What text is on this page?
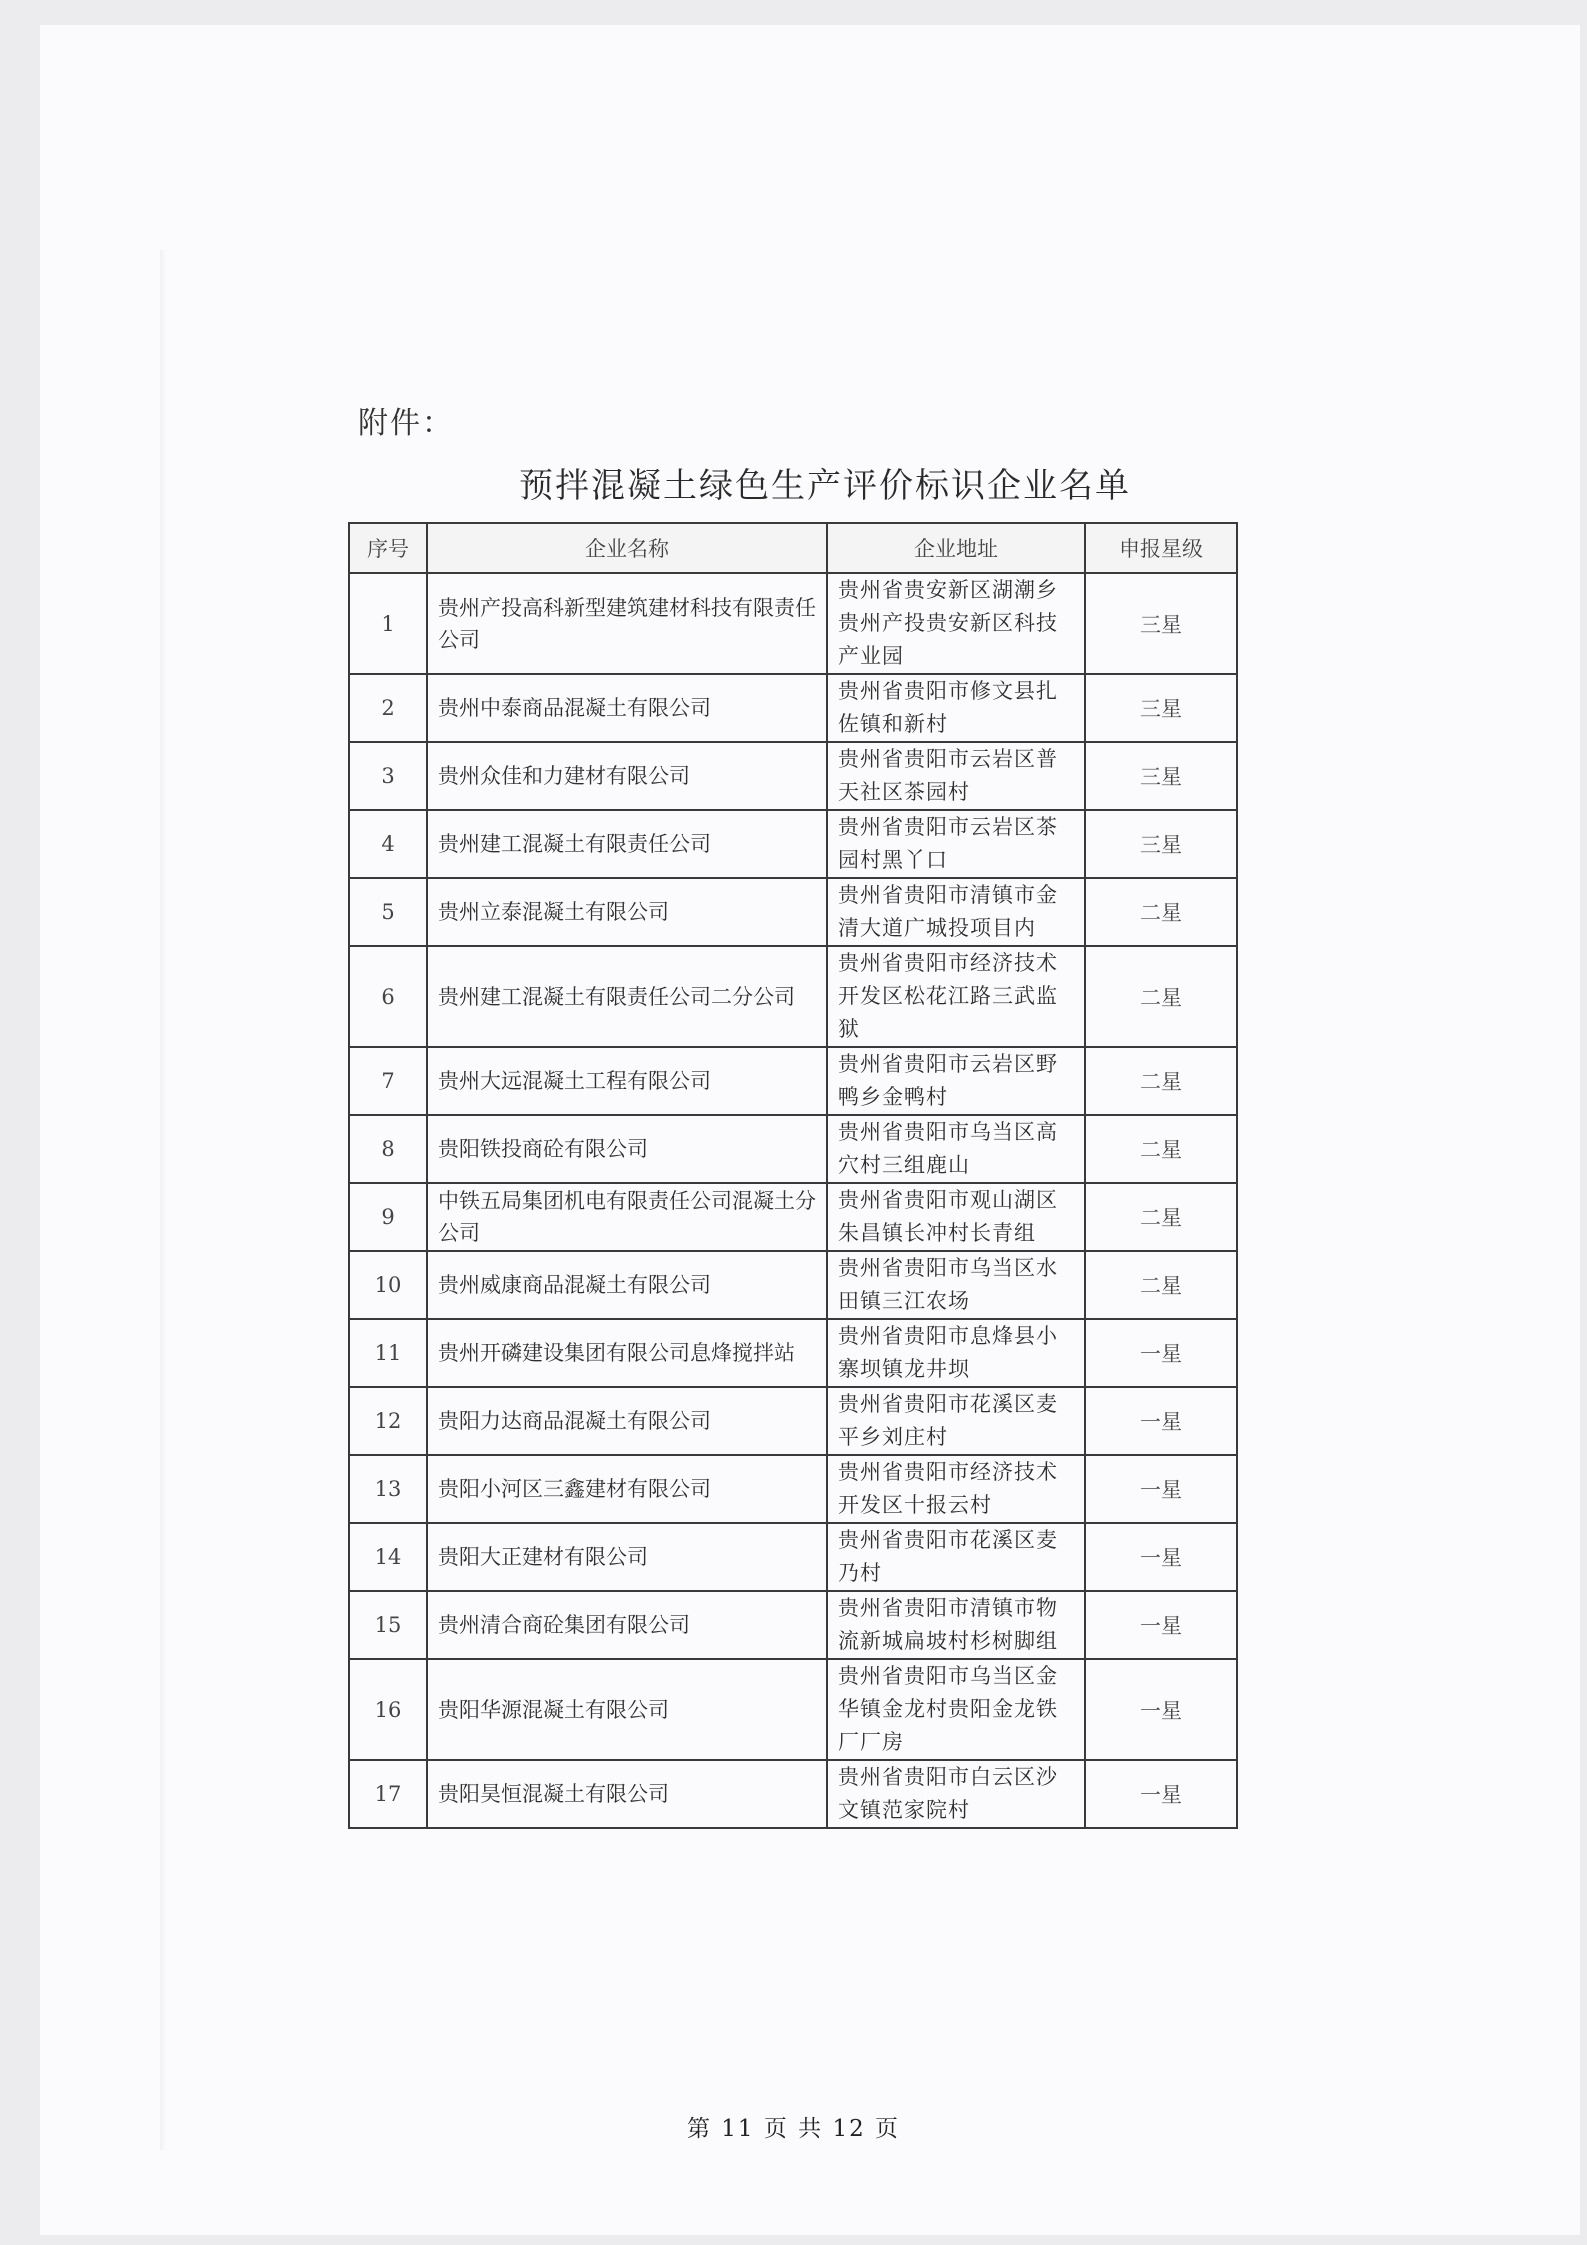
附件：
预拌混凝土绿色生产评价标识企业名单
序号	企业名称	企业地址	申报星级
1	贵州产投高科新型建筑建材科技有限责任公司	贵州省贵安新区湖潮乡贵州产投贵安新区科技产业园	三星
2	贵州中泰商品混凝土有限公司	贵州省贵阳市修文县扎佐镇和新村	三星
3	贵州众佳和力建材有限公司	贵州省贵阳市云岩区普天社区茶园村	三星
4	贵州建工混凝土有限责任公司	贵州省贵阳市云岩区茶园村黑丫口	三星
5	贵州立泰混凝土有限公司	贵州省贵阳市清镇市金清大道广城投项目内	二星
6	贵州建工混凝土有限责任公司二分公司	贵州省贵阳市经济技术开发区松花江路三武监狱	二星
7	贵州大远混凝土工程有限公司	贵州省贵阳市云岩区野鸭乡金鸭村	二星
8	贵阳铁投商砼有限公司	贵州省贵阳市乌当区高穴村三组鹿山	二星
9	中铁五局集团机电有限责任公司混凝土分公司	贵州省贵阳市观山湖区朱昌镇长冲村长青组	二星
10	贵州威康商品混凝土有限公司	贵州省贵阳市乌当区水田镇三江农场	二星
11	贵州开磷建设集团有限公司息烽搅拌站	贵州省贵阳市息烽县小寨坝镇龙井坝	一星
12	贵阳力达商品混凝土有限公司	贵州省贵阳市花溪区麦平乡刘庄村	一星
13	贵阳小河区三鑫建材有限公司	贵州省贵阳市经济技术开发区十报云村	一星
14	贵阳大正建材有限公司	贵州省贵阳市花溪区麦乃村	一星
15	贵州清合商砼集团有限公司	贵州省贵阳市清镇市物流新城扁坡村杉树脚组	一星
16	贵阳华源混凝土有限公司	贵州省贵阳市乌当区金华镇金龙村贵阳金龙铁厂厂房	一星
17	贵阳昊恒混凝土有限公司	贵州省贵阳市白云区沙文镇范家院村	一星
第 11 页 共 12 页
